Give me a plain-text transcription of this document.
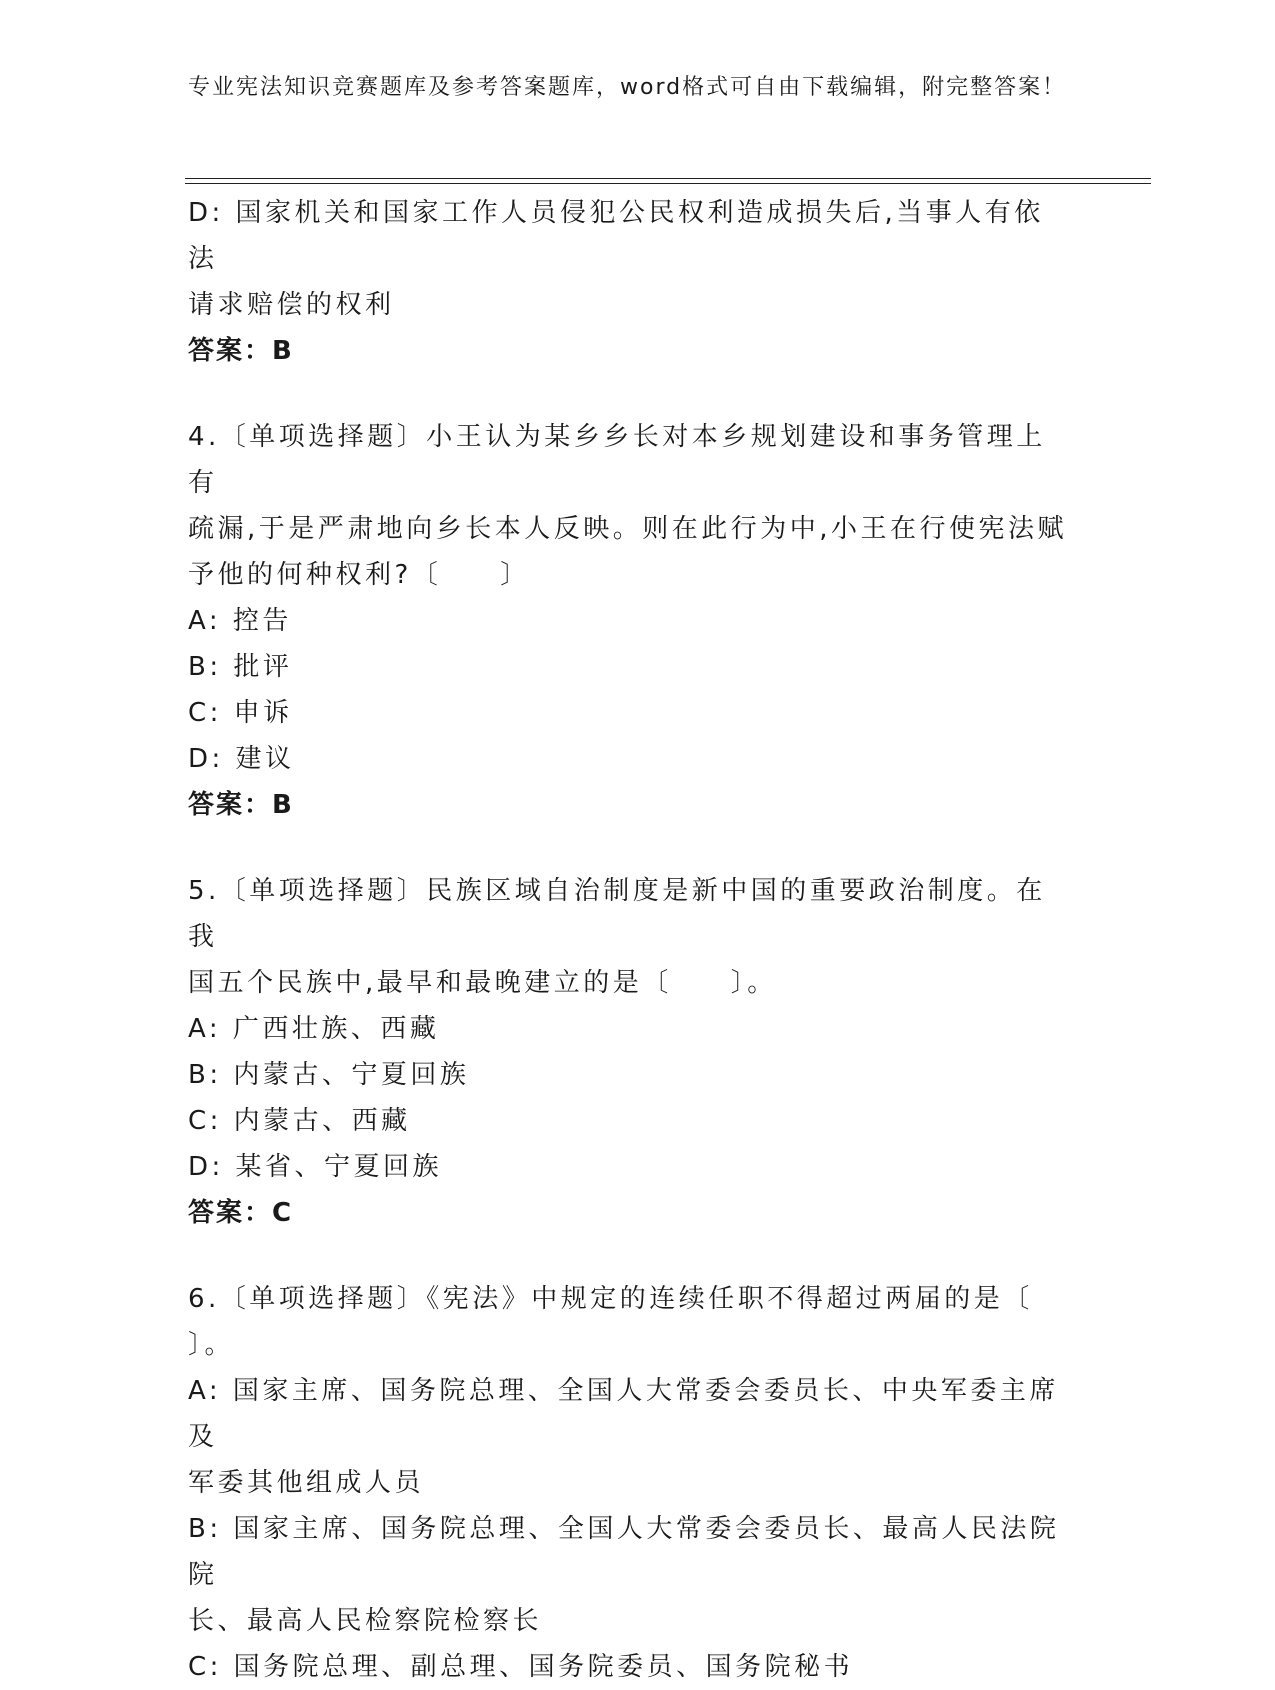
专业宪法知识竞赛题库及参考答案题库，word格式可自由下载编辑，附完整答案！

D: 国家机关和国家工作人员侵犯公民权利造成损失后,当事人有依法

请求赔偿的权利

答案：B

4.〔单项选择题〕小王认为某乡乡长对本乡规划建设和事务管理上有

疏漏,于是严肃地向乡长本人反映。则在此行为中,小王在行使宪法赋

予他的何种权利?〔　　〕

A: 控告

B: 批评

C: 申诉

D: 建议

答案：B

5.〔单项选择题〕民族区域自治制度是新中国的重要政治制度。在我

国五个民族中,最早和最晚建立的是〔　　〕。

A: 广西壮族、西藏

B: 内蒙古、宁夏回族

C: 内蒙古、西藏

D: 某省、宁夏回族

答案：C

6.〔单项选择题〕《宪法》中规定的连续任职不得超过两届的是〔

〕。

A: 国家主席、国务院总理、全国人大常委会委员长、中央军委主席及

军委其他组成人员

B: 国家主席、国务院总理、全国人大常委会委员长、最高人民法院院

长、最高人民检察院检察长

C: 国务院总理、副总理、国务院委员、国务院秘书
